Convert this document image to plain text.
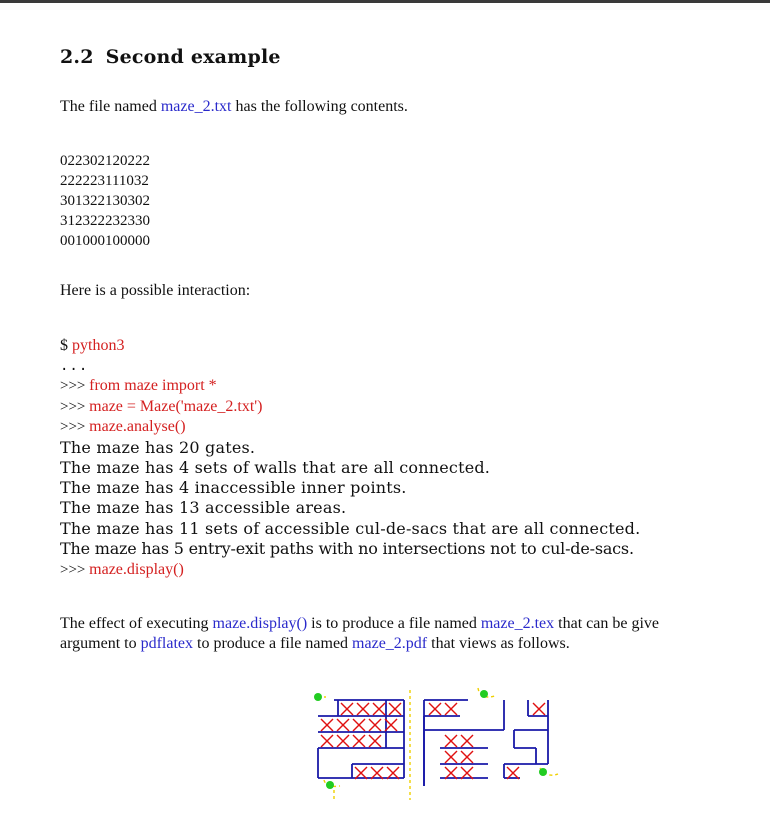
2.2 Second example
The file named maze_2.txt has the following contents.
022302120222
222223111032
301322130302
312322232330
001000100000
Here is a possible interaction:
$ python3
...
>>> from maze import *
>>> maze = Maze('maze_2.txt')
>>> maze.analyse()
The maze has 20 gates.
The maze has 4 sets of walls that are all connected.
The maze has 4 inaccessible inner points.
The maze has 13 accessible areas.
The maze has 11 sets of accessible cul-de-sacs that are all connected.
The maze has 5 entry-exit paths with no intersections not to cul-de-sacs.
>>> maze.display()
The effect of executing maze.display() is to produce a file named maze_2.tex that can be give
argument to pdflatex to produce a file named maze_2.pdf that views as follows.
